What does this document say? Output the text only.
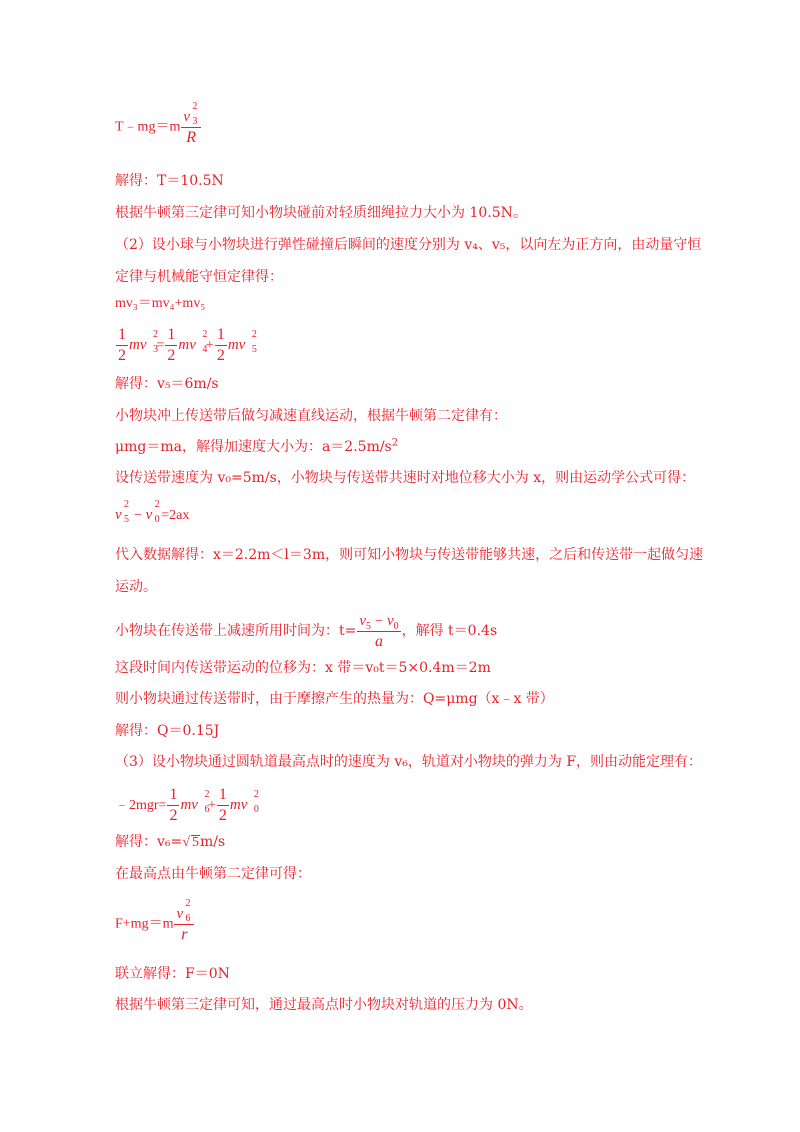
T﹣mg＝m v
2
3
R
解得：T＝10.5N
根据牛顿第三定律可知小物块碰前对轻质细绳拉力大小为 10.5N。
（2）设小球与小物块进行弹性碰撞后瞬间的速度分别为 v₄、v₅，以向左为正方向，由动量守恒
定律与机械能守恒定律得：
mv₃＝mv₄+mv₅
$\frac{1}{2}$ mv
2
3
= $\frac{1}{2}$ mv
2
4
+ $\frac{1}{2}$ mv
2
5
解得：v₅＝6m/s
小物块冲上传送带后做匀减速直线运动，根据牛顿第二定律有：
μmg＝ma，解得加速度大小为：$a=2.5m/s^2$
设传送带速度为 v₀=5m/s，小物块与传送带共速时对地位移大小为 x，则由运动学公式可得：
v
2
5 − v
2
0 =2ax
代入数据解得：x＝2.2m＜l＝3m，则可知小物块与传送带能够共速，之后和传送带一起做匀速
运动。
小物块在传送带上减速所用时间为：$t= \frac{v_5 - v_0}{a}$ ，解得 t＝0.4s
这段时间内传送带运动的位移为：x 带＝v₀t＝5×0.4m＝2m
则小物块通过传送带时，由于摩擦产生的热量为：Q=μmg（x﹣x 带）
解得：Q＝0.15J
（3）设小物块通过圆轨道最高点时的速度为 v₆，轨道对小物块的弹力为 F，则由动能定理有：
﹣2mgr= $\frac{1}{2}$ mv
2
6
+ $\frac{1}{2}$ mv
2
0
解得：v₆=√ 5m/s
在最高点由牛顿第二定律可得：
F+mg＝m v
2
6
r
联立解得：F＝0N
根据牛顿第三定律可知，通过最高点时小物块对轨道的压力为 0N。
